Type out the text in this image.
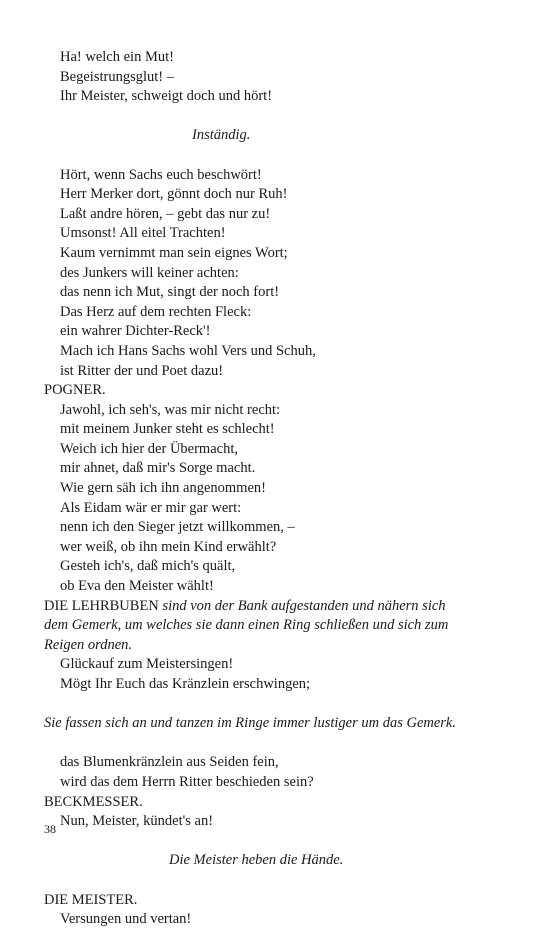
Ha! welch ein Mut!
Begeistrungsglut! –
Ihr Meister, schweigt doch und hört!
Inständig.
Hört, wenn Sachs euch beschwört!
Herr Merker dort, gönnt doch nur Ruh!
Laßt andre hören, – gebt das nur zu!
Umsonst! All eitel Trachten!
Kaum vernimmt man sein eignes Wort;
des Junkers will keiner achten:
das nenn ich Mut, singt der noch fort!
Das Herz auf dem rechten Fleck:
ein wahrer Dichter-Reck'!
Mach ich Hans Sachs wohl Vers und Schuh,
ist Ritter der und Poet dazu!
POGNER.
Jawohl, ich seh's, was mir nicht recht:
mit meinem Junker steht es schlecht!
Weich ich hier der Übermacht,
mir ahnet, daß mir's Sorge macht.
Wie gern säh ich ihn angenommen!
Als Eidam wär er mir gar wert:
nenn ich den Sieger jetzt willkommen, –
wer weiß, ob ihn mein Kind erwählt?
Gesteh ich's, daß mich's quält,
ob Eva den Meister wählt!
DIE LEHRBUBEN sind von der Bank aufgestanden und nähern sich
dem Gemerk, um welches sie dann einen Ring schließen und sich zum
Reigen ordnen.
Glückauf zum Meistersingen!
Mögt Ihr Euch das Kränzlein erschwingen;
Sie fassen sich an und tanzen im Ringe immer lustiger um das Gemerk.
das Blumenkränzlein aus Seiden fein,
wird das dem Herrn Ritter beschieden sein?
BECKMESSER.
Nun, Meister, kündet's an!
Die Meister heben die Hände.
DIE MEISTER.
Versungen und vertan!
38
